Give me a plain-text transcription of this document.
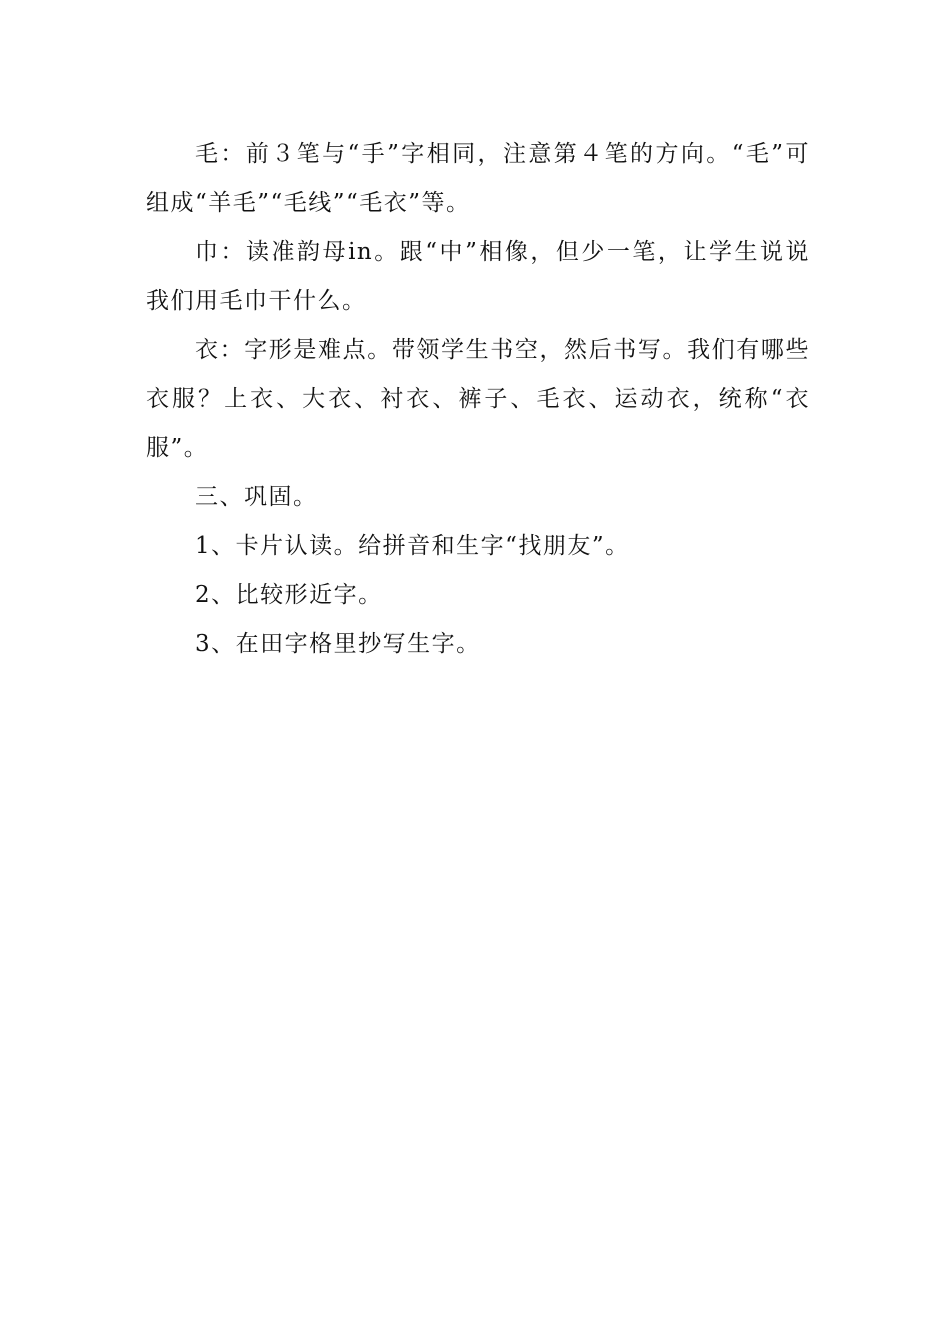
毛：前３笔与“手”字相同，注意第４笔的方向。“毛”可组成“羊毛”“毛线”“毛衣”等。

巾：读准韵母in。跟“中”相像，但少一笔，让学生说说我们用毛巾干什么。

衣：字形是难点。带领学生书空，然后书写。我们有哪些衣服？上衣、大衣、衬衣、裤子、毛衣、运动衣，统称“衣服”。

三、巩固。

1、卡片认读。给拼音和生字“找朋友”。

2、比较形近字。

3、在田字格里抄写生字。
